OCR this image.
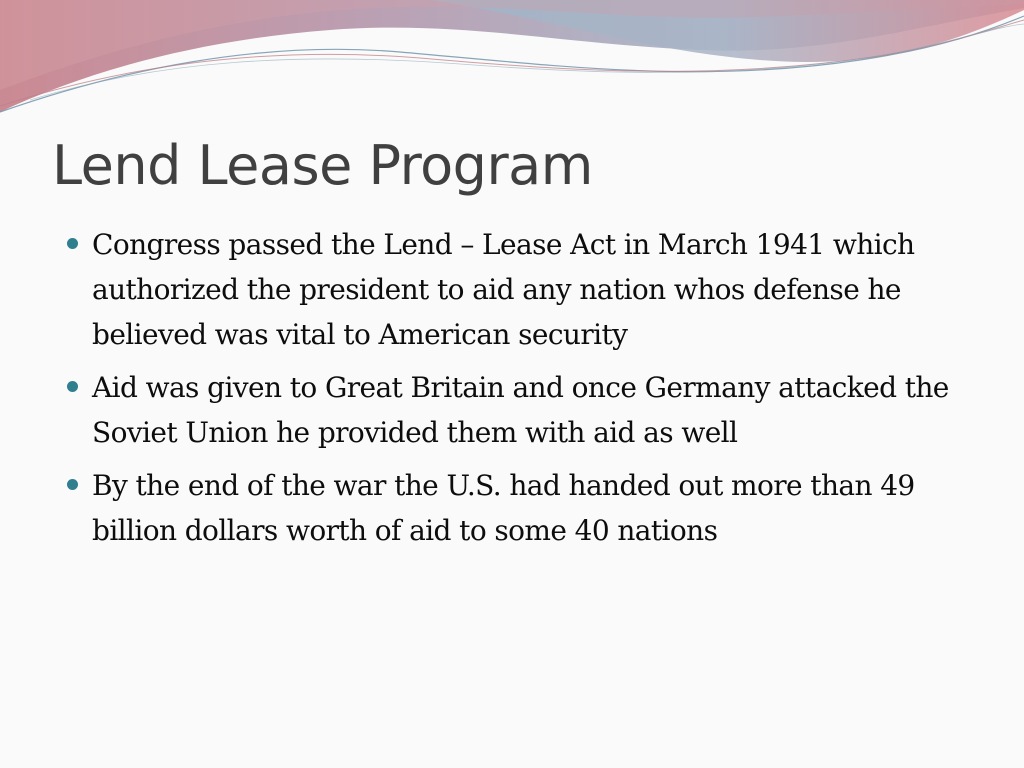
Lend Lease Program
Congress passed the Lend – Lease Act in March 1941 which authorized the president to aid any nation whos defense he believed was vital to American security
Aid was given to Great Britain and once Germany attacked the Soviet Union he provided them with aid as well
By the end of the war the U.S. had handed out more than 49 billion dollars worth of aid to some 40 nations
